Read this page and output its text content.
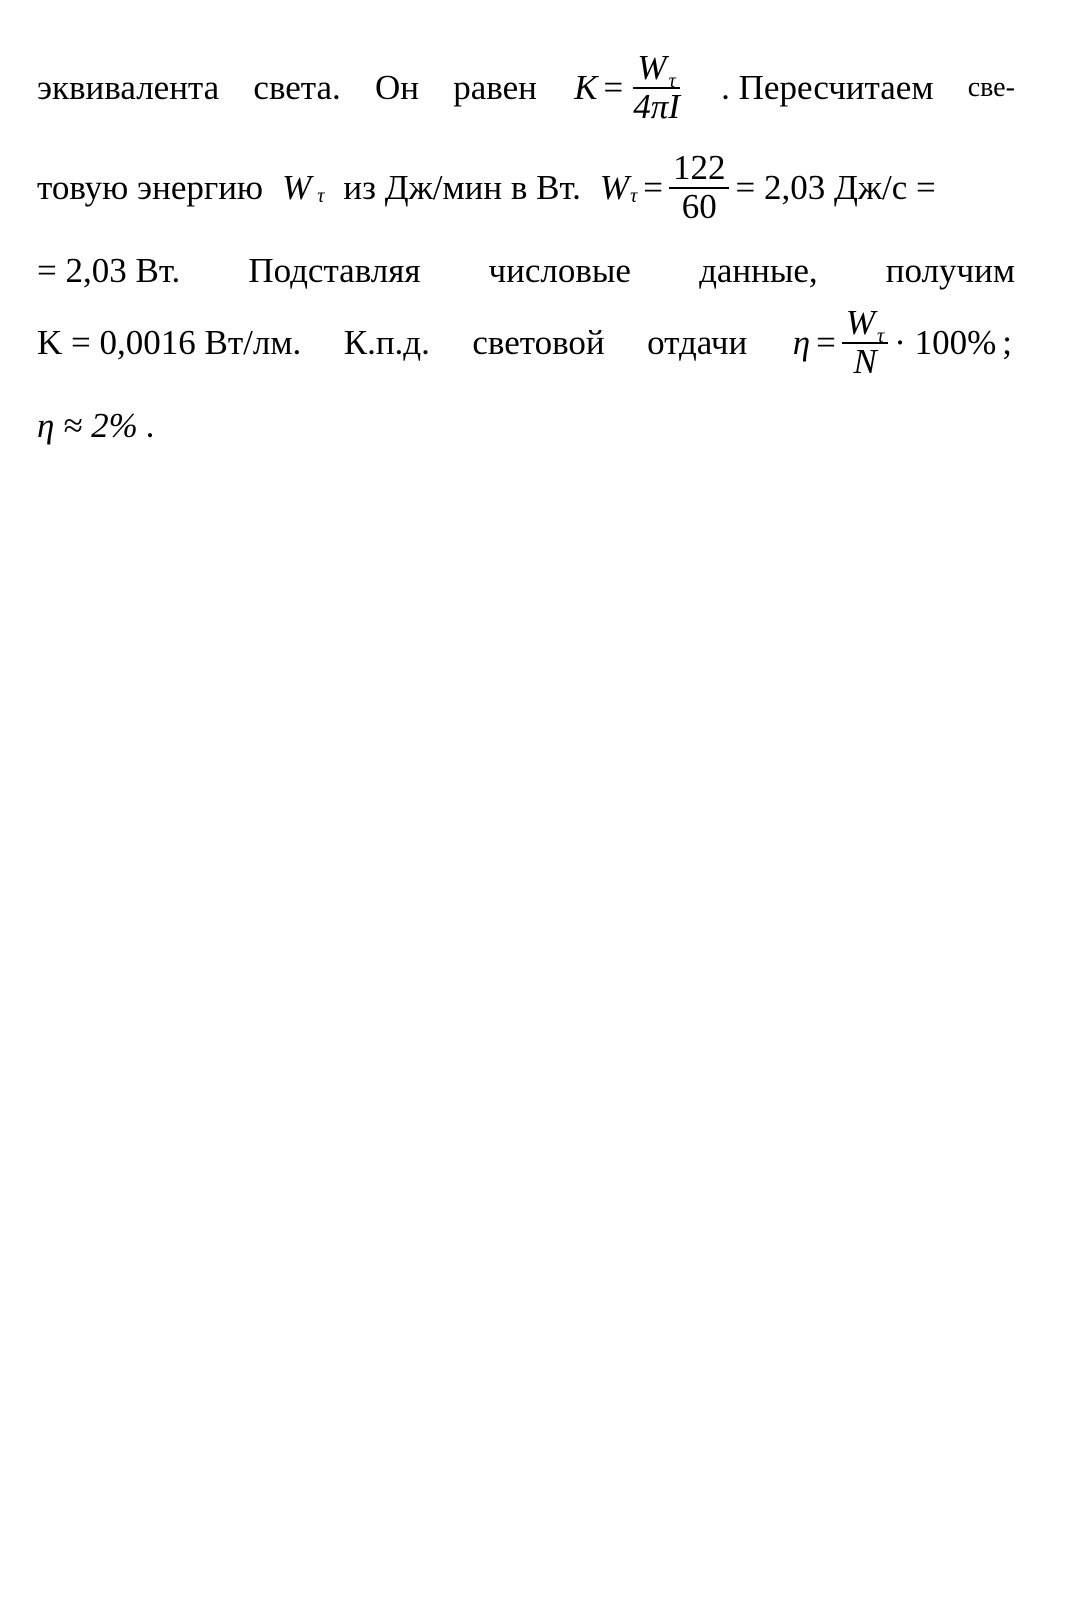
эквивалента света. Он равен $K = \frac{W _\tau}{4\pi I}$ . Пересчитаем све-
товую энергию W τ из Дж/мин в Вт. W $\tau = \frac{122}{60} = 2,03$ Дж/с =
= 2,03 Вт. Подставляя числовые данные, получим
K = 0,0016 Вт/лм. К.п.д. световой отдачи $\eta = \frac{W _\tau}{N} \cdot 100\%$ ;
η ≈ 2% .
